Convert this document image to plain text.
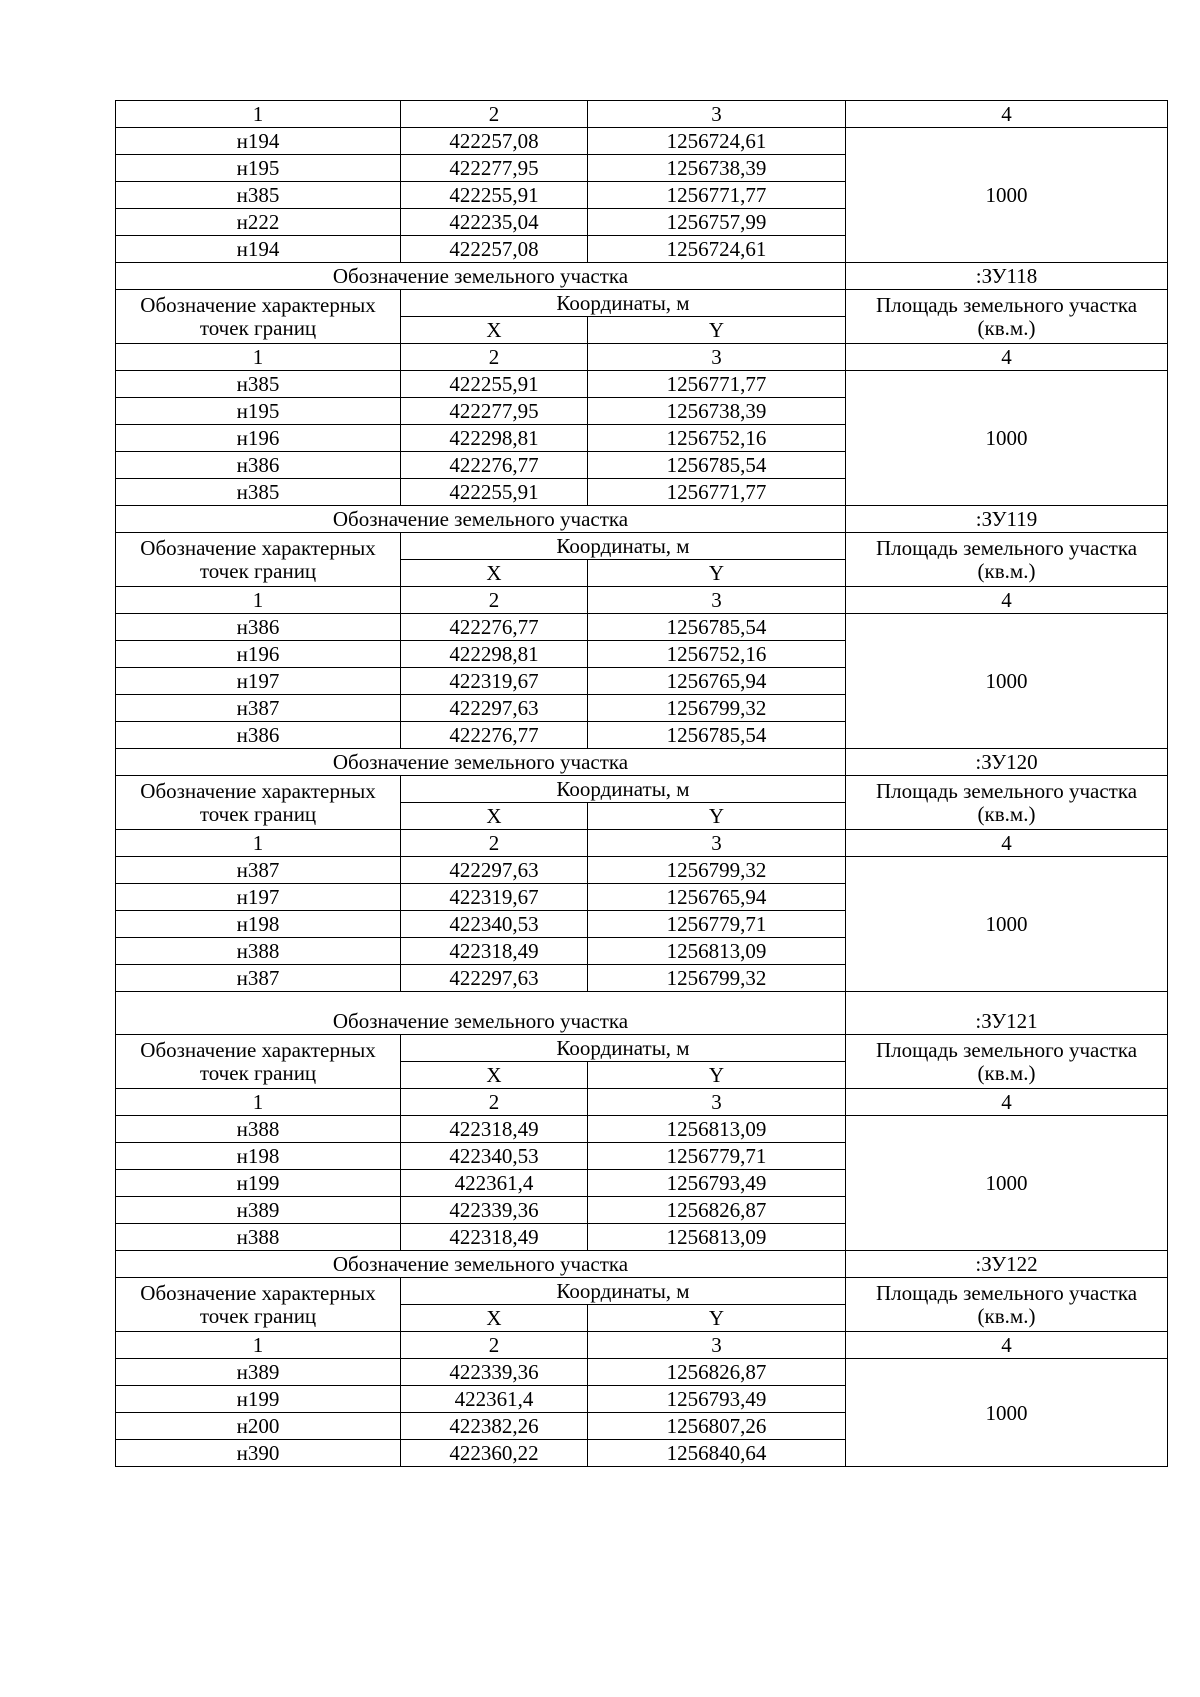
1	2	3	4
н194	422257,08	1256724,61	1000
н195	422277,95	1256738,39	
н385	422255,91	1256771,77	
н222	422235,04	1256757,99	
н194	422257,08	1256724,61	
Обозначение земельного участка			:ЗУ118
Обозначение характерных точек границ	Координаты, м		Площадь земельного участка (кв.м.)
	X	Y	
1	2	3	4
н385	422255,91	1256771,77	1000
н195	422277,95	1256738,39	
н196	422298,81	1256752,16	
н386	422276,77	1256785,54	
н385	422255,91	1256771,77	
Обозначение земельного участка			:ЗУ119
Обозначение характерных точек границ	Координаты, м		Площадь земельного участка (кв.м.)
	X	Y	
1	2	3	4
н386	422276,77	1256785,54	1000
н196	422298,81	1256752,16	
н197	422319,67	1256765,94	
н387	422297,63	1256799,32	
н386	422276,77	1256785,54	
Обозначение земельного участка			:ЗУ120
Обозначение характерных точек границ	Координаты, м		Площадь земельного участка (кв.м.)
	X	Y	
1	2	3	4
н387	422297,63	1256799,32	1000
н197	422319,67	1256765,94	
н198	422340,53	1256779,71	
н388	422318,49	1256813,09	
н387	422297,63	1256799,32	
Обозначение земельного участка			:ЗУ121
Обозначение характерных точек границ	Координаты, м		Площадь земельного участка (кв.м.)
	X	Y	
1	2	3	4
н388	422318,49	1256813,09	1000
н198	422340,53	1256779,71	
н199	422361,4	1256793,49	
н389	422339,36	1256826,87	
н388	422318,49	1256813,09	
Обозначение земельного участка			:ЗУ122
Обозначение характерных точек границ	Координаты, м		Площадь земельного участка (кв.м.)
	X	Y	
1	2	3	4
н389	422339,36	1256826,87	1000
н199	422361,4	1256793,49	
н200	422382,26	1256807,26	
н390	422360,22	1256840,64	
